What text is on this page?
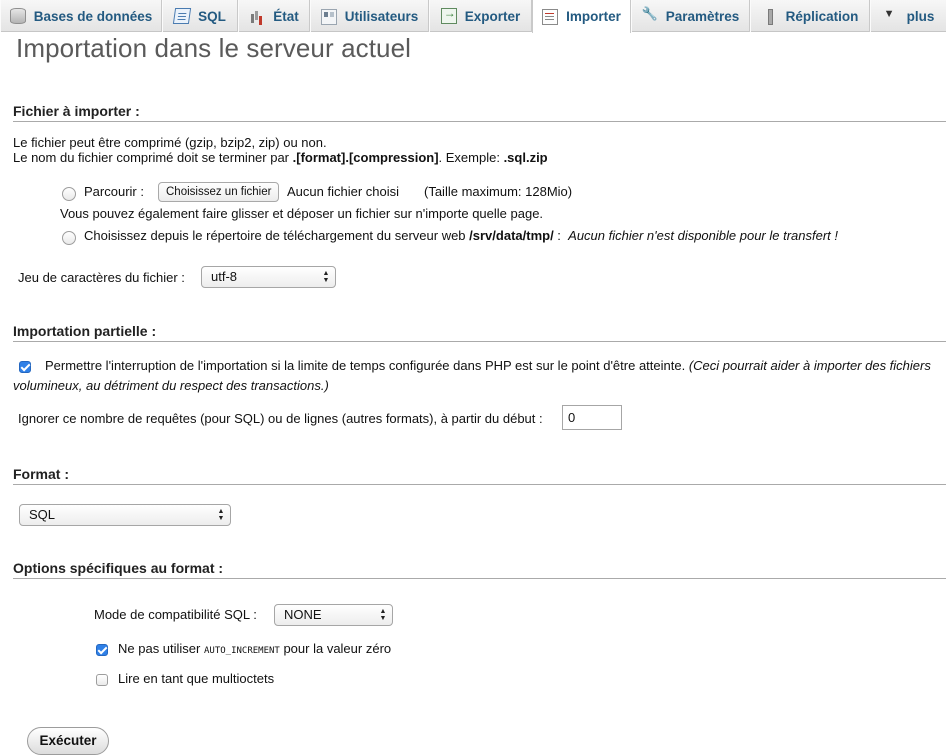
Bases de données	SQL	État	Utilisateurs →	Exporter	Importer 🔧	Paramètres	Réplication ▼	plus
Importation dans le serveur actuel
Fichier à importer :
Le fichier peut être comprimé (gzip, bzip2, zip) ou non.
Le nom du fichier comprimé doit se terminer par .[format].[compression]. Exemple: .sql.zip
Parcourir :	Choisissez un fichier	Aucun fichier choisi (Taille maximum: 128Mio)
Vous pouvez également faire glisser et déposer un fichier sur n'importe quelle page.
Choisissez depuis le répertoire de téléchargement du serveur web /srv/data/tmp/ : Aucun fichier n'est disponible pour le transfert !
Jeu de caractères du fichier :	utf-8	▲
▼
Importation partielle :
Permettre l'interruption de l'importation si la limite de temps configurée dans PHP est sur le point d'être atteinte. (Ceci pourrait aider à importer des fichiers
volumineux, au détriment du respect des transactions.)
Ignorer ce nombre de requêtes (pour SQL) ou de lignes (autres formats), à partir du début :	0
Format :
SQL	▲
▼
Options spécifiques au format :
Mode de compatibilité SQL :	NONE	▲
▼
Ne pas utiliser AUTO_INCREMENT pour la valeur zéro
Lire en tant que multioctets
Exécuter
